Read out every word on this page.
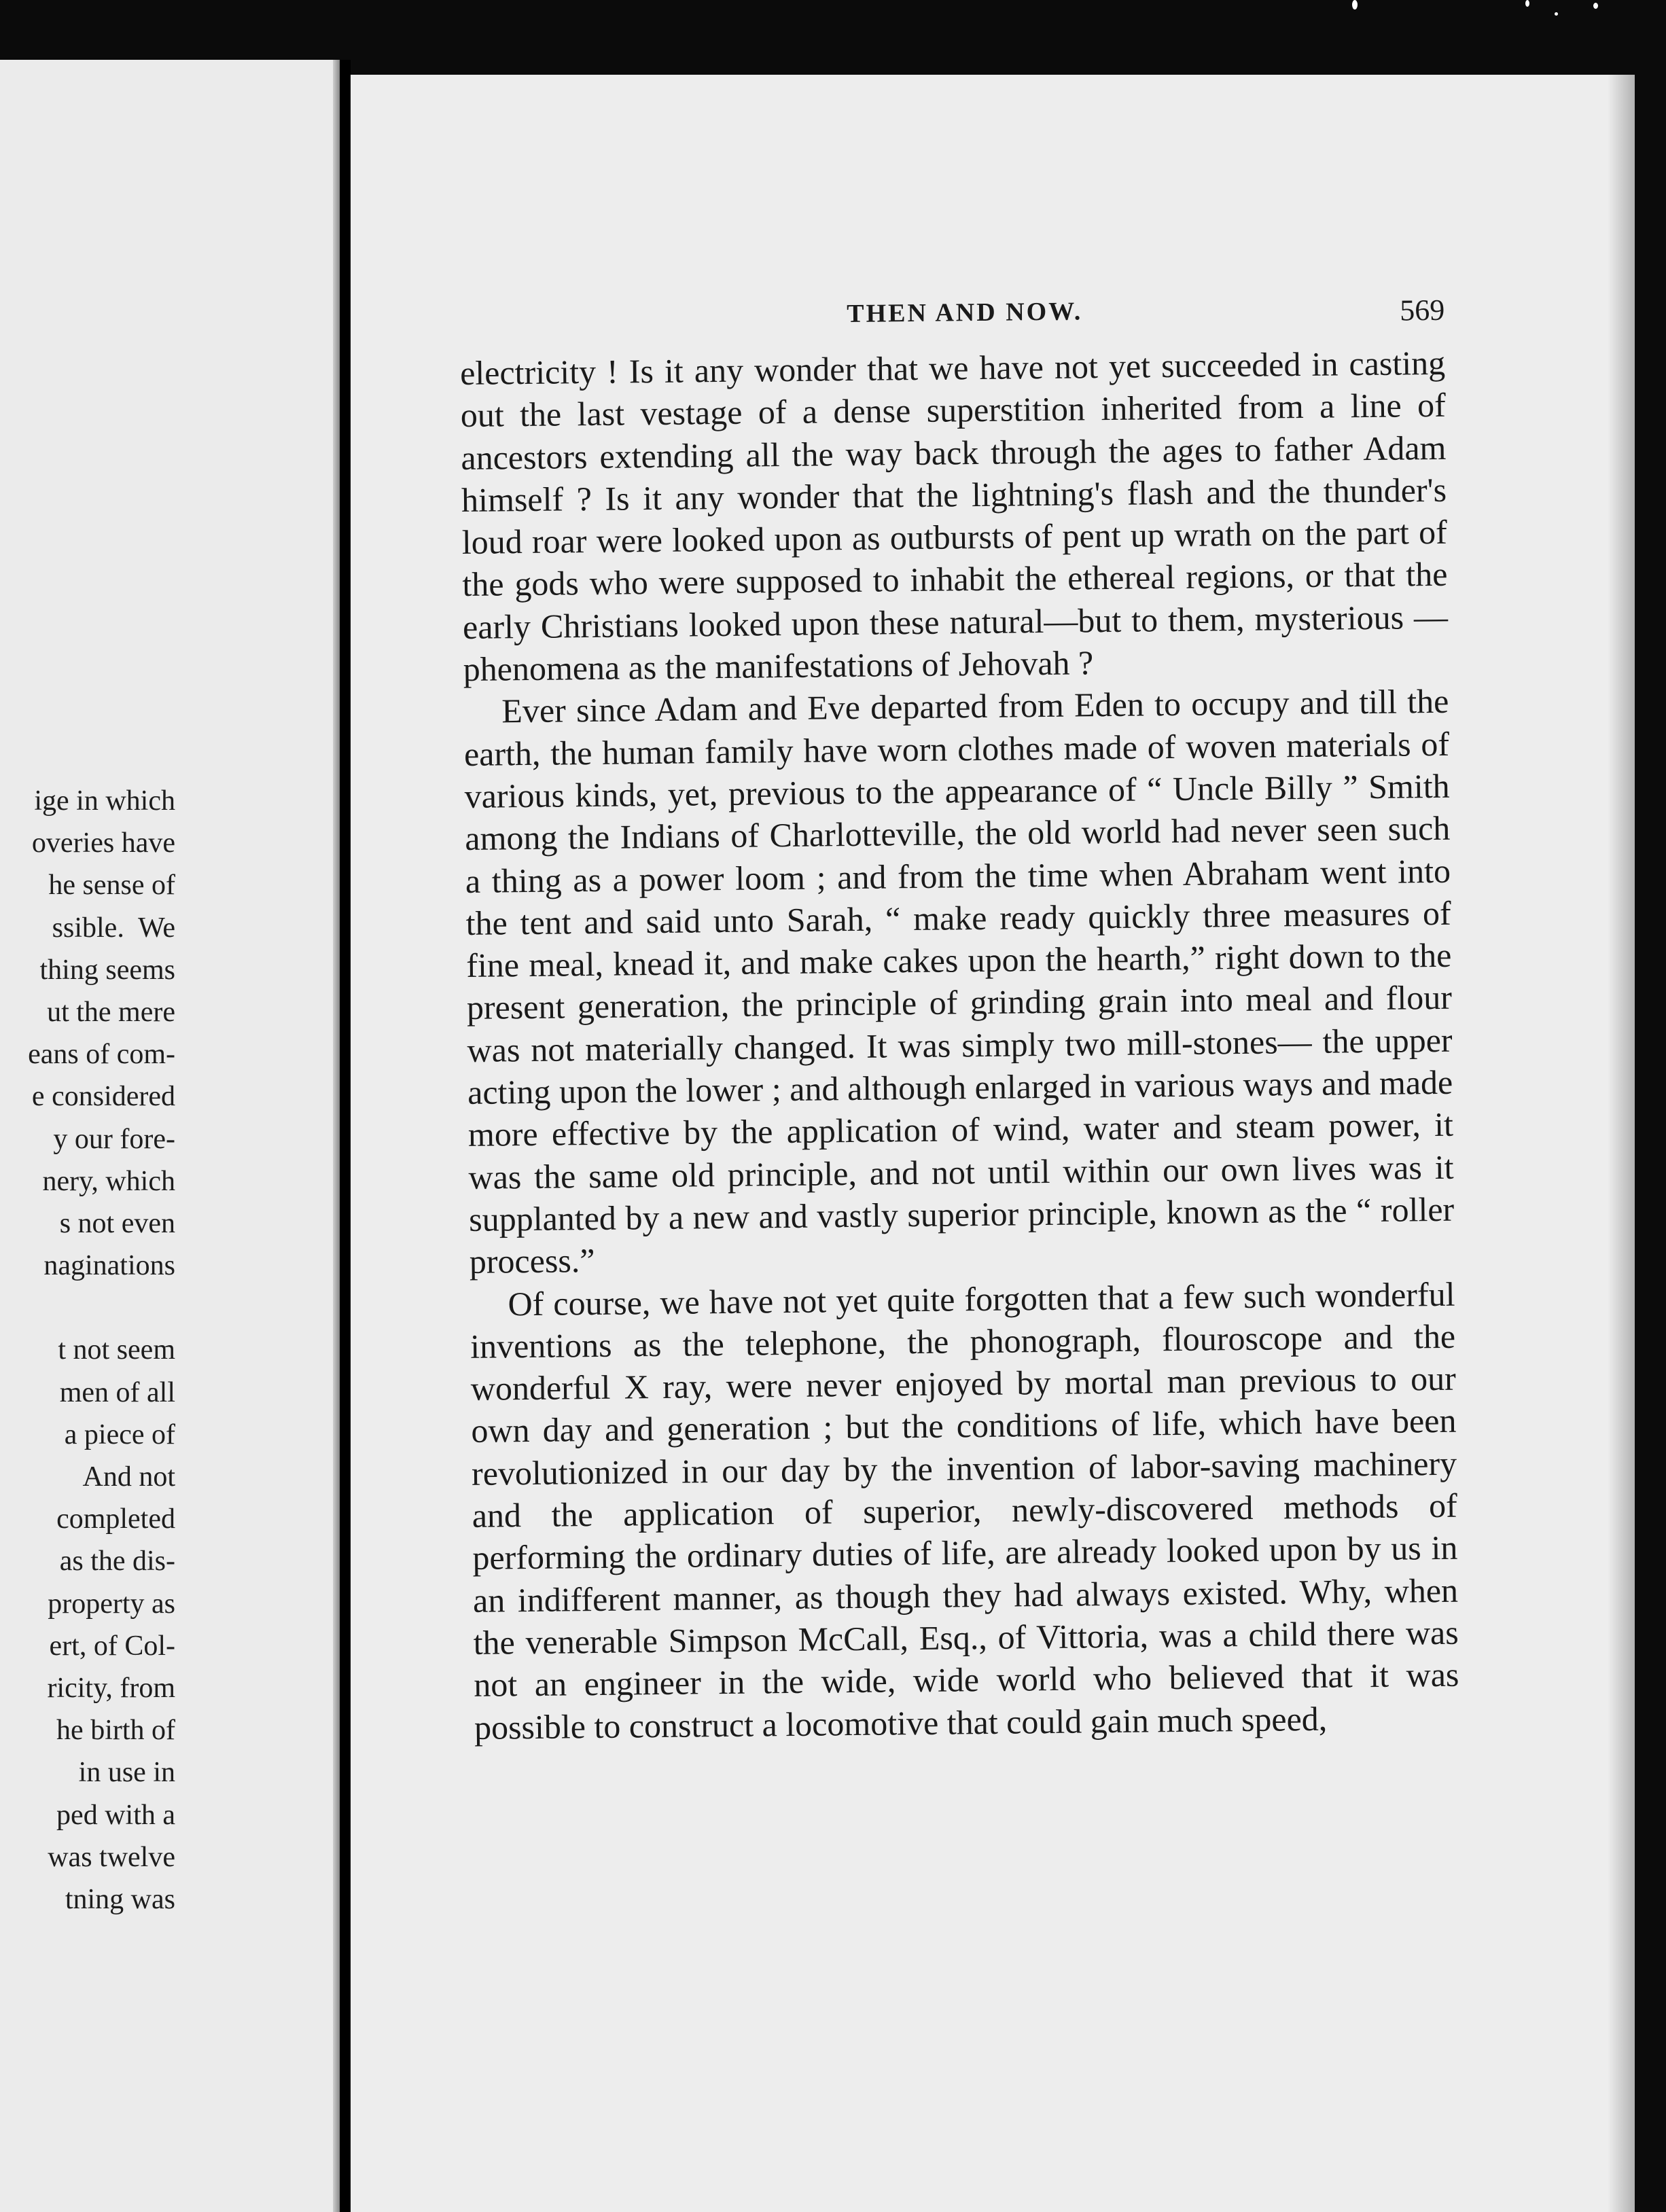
ige in which
overies have
he sense of
ssible.  We
thing seems
ut the mere
eans of com-
e considered
y our fore-
nery, which
s not even
naginations
t not seem
men of all
a piece of
And not
completed
as the dis-
property as
ert, of Col-
ricity, from
he birth of
in use in
ped with a
was twelve
tning was
THEN AND NOW.	569

electricity ! Is it any wonder that we have not yet succeeded in casting out the last vestage of a dense superstition inherited from a line of ancestors extending all the way back through the ages to father Adam himself ? Is it any wonder that the lightning's flash and the thunder's loud roar were looked upon as outbursts of pent up wrath on the part of the gods who were supposed to inhabit the ethereal regions, or that the early Christians looked upon these natural—but to them, mysterious —phenomena as the manifestations of Jehovah ?

Ever since Adam and Eve departed from Eden to occupy and till the earth, the human family have worn clothes made of woven materials of various kinds, yet, previous to the appearance of “ Uncle Billy ” Smith among the Indians of Charlotteville, the old world had never seen such a thing as a power loom ; and from the time when Abraham went into the tent and said unto Sarah, “ make ready quickly three measures of fine meal, knead it, and make cakes upon the hearth,” right down to the present generation, the principle of grinding grain into meal and flour was not materially changed. It was simply two mill-stones— the upper acting upon the lower ; and although enlarged in various ways and made more effective by the application of wind, water and steam power, it was the same old principle, and not until within our own lives was it supplanted by a new and vastly superior principle, known as the “ roller process.”

Of course, we have not yet quite forgotten that a few such wonderful inventions as the telephone, the phonograph, flouroscope and the wonderful X ray, were never enjoyed by mortal man previous to our own day and generation ; but the conditions of life, which have been revolutionized in our day by the invention of labor-saving machinery and the application of superior, newly-discovered methods of performing the ordinary duties of life, are already looked upon by us in an indifferent manner, as though they had always existed. Why, when the venerable Simpson McCall, Esq., of Vittoria, was a child there was not an engineer in the wide, wide world who believed that it was possible to construct a locomotive that could gain much speed,
